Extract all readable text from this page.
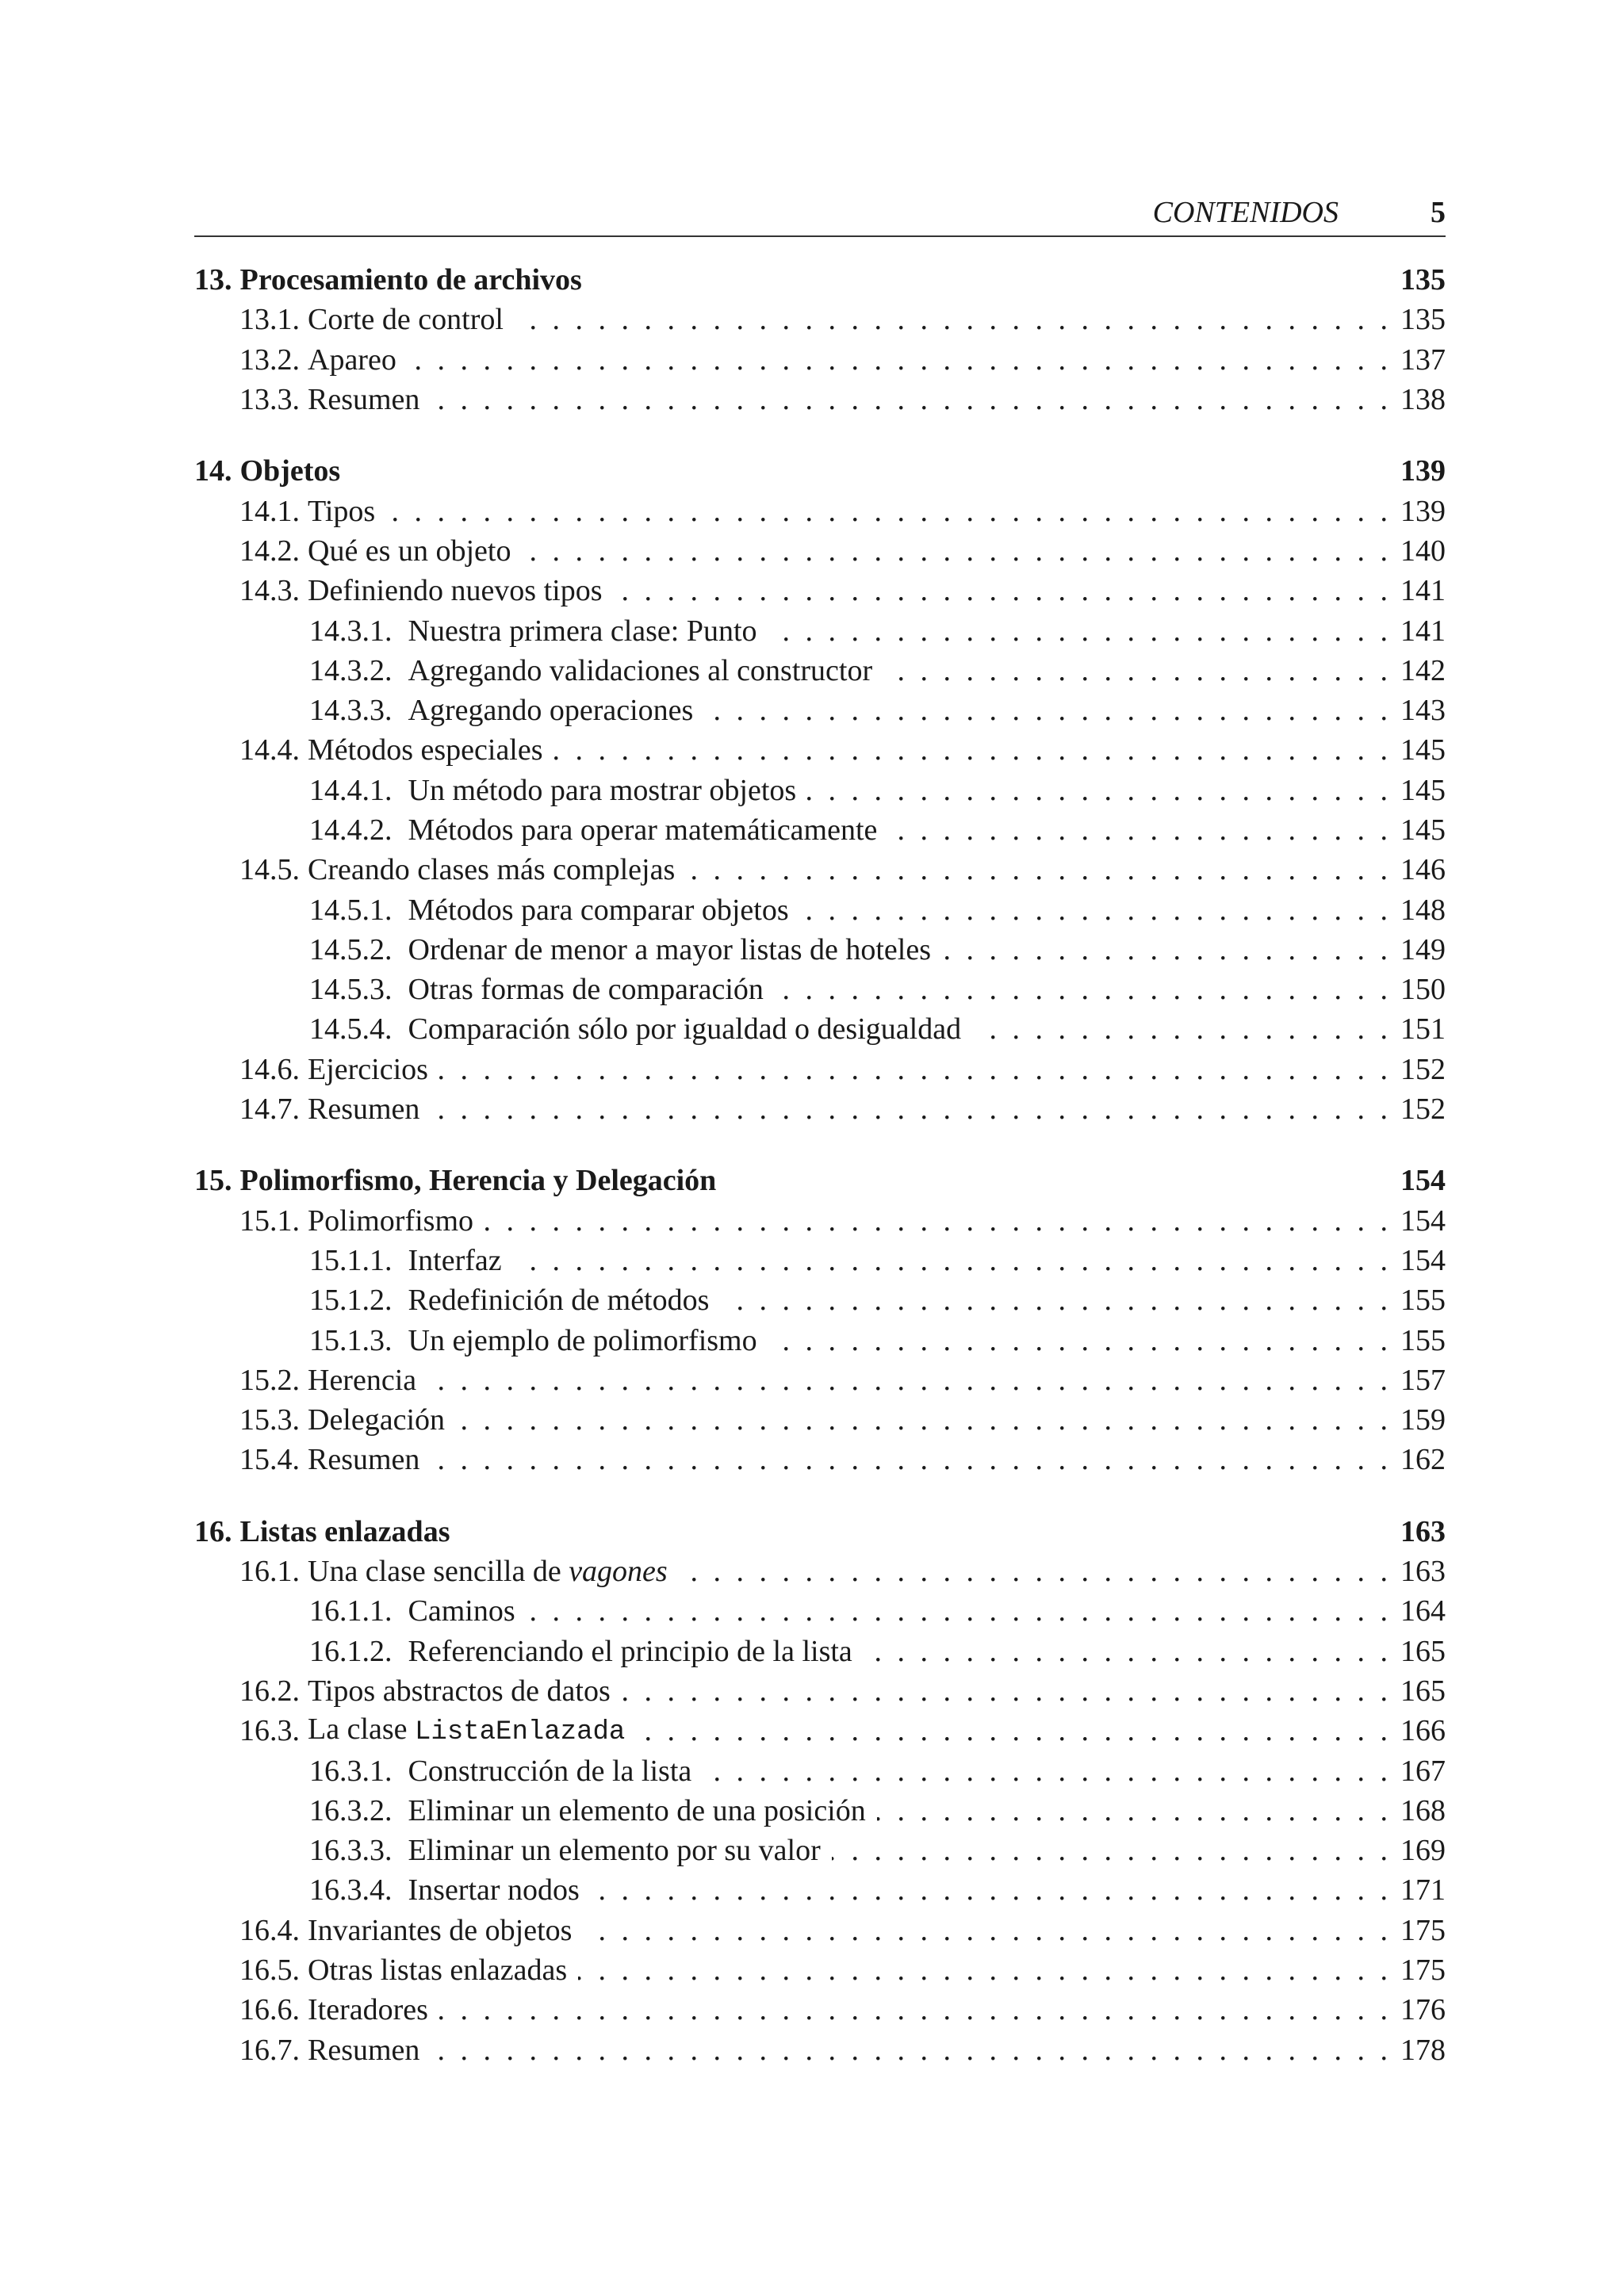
CONTENIDOS	5
13. Procesamiento de archivos	135
13.1. Corte de control . . .	135
13.2. Apareo . . .	137
13.3. Resumen . . .	138
14. Objetos	139
14.1. Tipos . . .	139
14.2. Qué es un objeto . . .	140
14.3. Definiendo nuevos tipos . . .	141
14.3.1. Nuestra primera clase: Punto . . .	141
14.3.2. Agregando validaciones al constructor . . .	142
14.3.3. Agregando operaciones . . .	143
14.4. Métodos especiales . . .	145
14.4.1. Un método para mostrar objetos . . .	145
14.4.2. Métodos para operar matemáticamente . . .	145
14.5. Creando clases más complejas . . .	146
14.5.1. Métodos para comparar objetos . . .	148
14.5.2. Ordenar de menor a mayor listas de hoteles . . .	149
14.5.3. Otras formas de comparación . . .	150
14.5.4. Comparación sólo por igualdad o desigualdad . . .	151
14.6. Ejercicios . . .	152
14.7. Resumen . . .	152
15. Polimorfismo, Herencia y Delegación	154
15.1. Polimorfismo . . .	154
15.1.1. Interfaz . . .	154
15.1.2. Redefinición de métodos . . .	155
15.1.3. Un ejemplo de polimorfismo . . .	155
15.2. Herencia . . .	157
15.3. Delegación . . .	159
15.4. Resumen . . .	162
16. Listas enlazadas	163
16.1. Una clase sencilla de vagones . . .	163
16.1.1. Caminos . . .	164
16.1.2. Referenciando el principio de la lista . . .	165
16.2. Tipos abstractos de datos . . .	165
16.3. La clase ListaEnlazada . . .	166
16.3.1. Construcción de la lista . . .	167
16.3.2. Eliminar un elemento de una posición . . .	168
16.3.3. Eliminar un elemento por su valor . . .	169
16.3.4. Insertar nodos . . .	171
16.4. Invariantes de objetos . . .	175
16.5. Otras listas enlazadas . . .	175
16.6. Iteradores . . .	176
16.7. Resumen . . .	178
